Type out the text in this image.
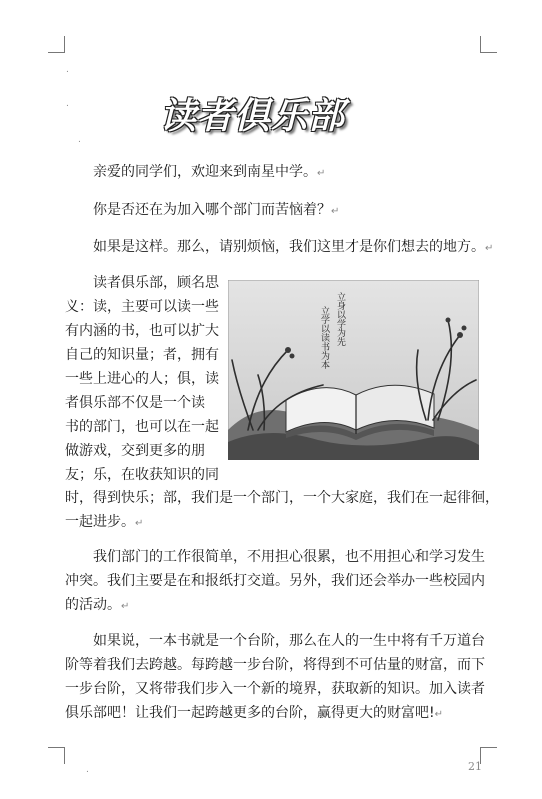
.
.
.
.
读者俱乐部
亲爱的同学们，欢迎来到南星中学。↵
你是否还在为加入哪个部门而苦恼着？↵
如果是这样。那么，请别烦恼，我们这里才是你们想去的地方。↵
读者俱乐部，顾名思
义：读，主要可以读一些
有内涵的书，也可以扩大
自己的知识量；者，拥有
一些上进心的人；俱，读
者俱乐部不仅是一个读
书的部门，也可以在一起
做游戏，交到更多的朋
友；乐，在收获知识的同
时，得到快乐；部，我们是一个部门，一个大家庭，我们在一起徘徊，
一起进步。↵
立身以学为先
立学以读书为本
我们部门的工作很简单，不用担心很累，也不用担心和学习发生
冲突。我们主要是在和报纸打交道。另外，我们还会举办一些校园内
的活动。↵
如果说，一本书就是一个台阶，那么在人的一生中将有千万道台
阶等着我们去跨越。每跨越一步台阶，将得到不可估量的财富，而下
一步台阶，又将带我们步入一个新的境界，获取新的知识。加入读者
俱乐部吧！让我们一起跨越更多的台阶，赢得更大的财富吧!↵
21
